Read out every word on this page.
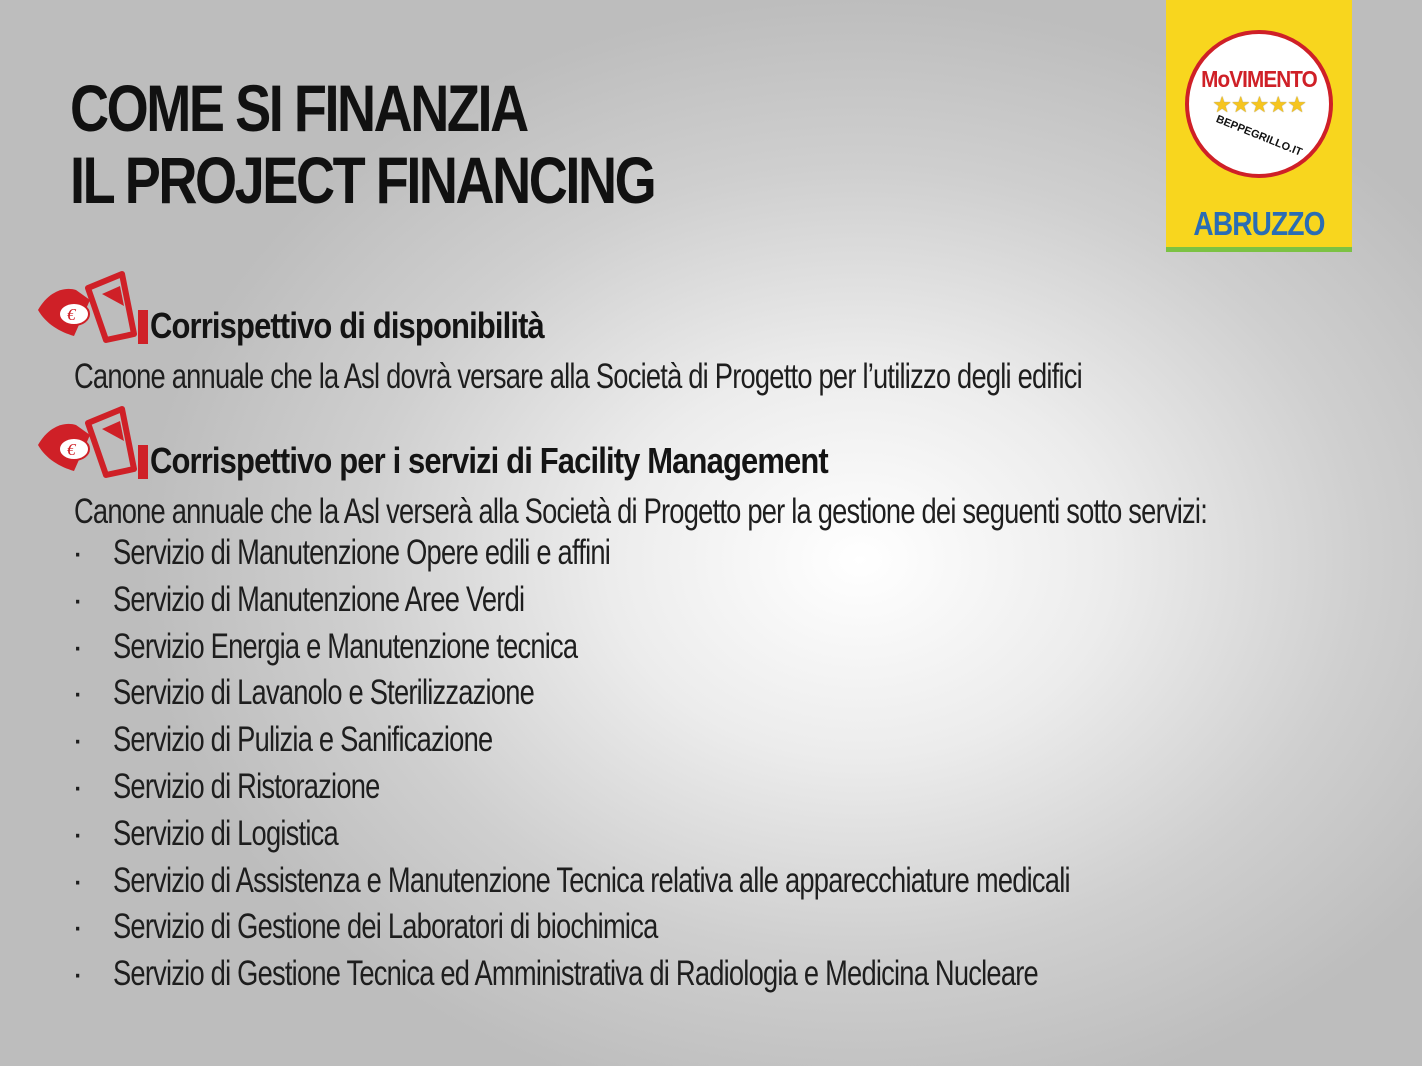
COME SI FINANZIA
IL PROJECT FINANCING
MoVIMENTO
★★★★★
BEPPEGRILLO.IT
ABRUZZO
€ Corrispettivo di disponibilità
Canone annuale che la Asl dovrà versare alla Società di Progetto per l’utilizzo degli edifici
€ Corrispettivo per i servizi di Facility Management
Canone annuale che la Asl verserà alla Società di Progetto per la gestione dei seguenti sotto servizi:
· Servizio di Manutenzione Opere edili e affini
· Servizio di Manutenzione Aree Verdi
· Servizio Energia e Manutenzione tecnica
· Servizio di Lavanolo e Sterilizzazione
· Servizio di Pulizia e Sanificazione
· Servizio di Ristorazione
· Servizio di Logistica
· Servizio di Assistenza e Manutenzione Tecnica relativa alle apparecchiature medicali
· Servizio di Gestione dei Laboratori di biochimica
· Servizio di Gestione Tecnica ed Amministrativa di Radiologia e Medicina Nucleare
